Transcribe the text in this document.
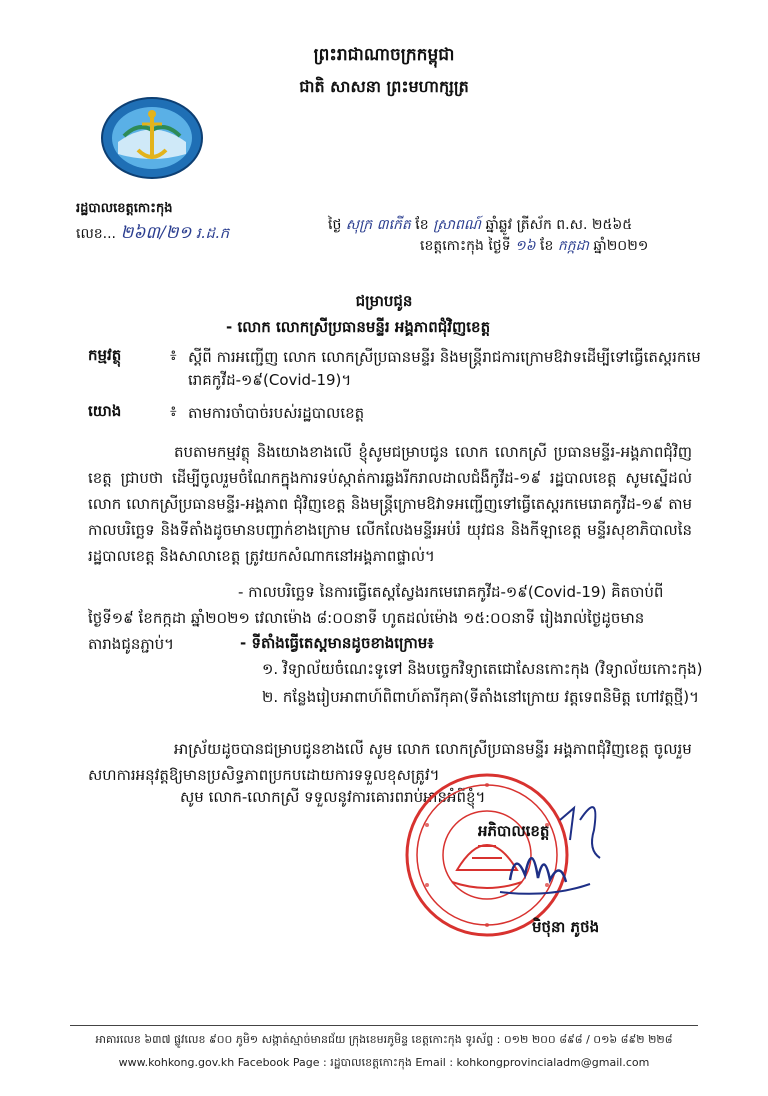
ព្រះរាជាណាចក្រកម្ពុជា
ជាតិ សាសនា ព្រះមហាក្សត្រ
រដ្ឋបាលខេត្តកោះកុង
លេខ... ២៦៣/២១ រ.ដ.ក	ថ្ងៃ សុក្រ ៣កើត ខែ ស្រាពណ៍ ឆ្នាំឆ្លូវ ត្រីស័ក ព.ស. ២៥៦៥
ខេត្តកោះកុង ថ្ងៃទី ១៦ ខែ កក្កដា ឆ្នាំ២០២១
ជម្រាបជូន
- លោក លោកស្រីប្រធានមន្ទីរ អង្គភាពជុំវិញខេត្ត
កម្មវត្ថុ	៖ ស្តីពី ការអញ្ជើញ លោក លោកស្រីប្រធានមន្ទីរ និងមន្រ្តីរាជការក្រោមឱវាទដើម្បីទៅធ្វើតេស្តរកមេរោគកូវីដ-១៩(Covid-19)។
យោង	៖ តាមការចាំបាច់របស់រដ្ឋបាលខេត្ត
តបតាមកម្មវត្ថុ និងយោងខាងលើ ខ្ញុំសូមជម្រាបជូន លោក លោកស្រី ប្រធានមន្ទីរ-អង្គភាពជុំវិញខេត្ត ជ្រាបថា ដើម្បីចូលរួមចំណែកក្នុងការទប់ស្កាត់ការឆ្លងរីករាលដាលជំងឺកូវីដ-១៩ រដ្ឋបាលខេត្ត សូមស្នើដល់ លោក លោកស្រីប្រធានមន្ទីរ-អង្គភាព ជុំវិញខេត្ត និងមន្រ្តីក្រោមឱវាទអញ្ជើញទៅធ្វើតេស្តរកមេរោគកូវីដ-១៩ តាមកាលបរិច្ឆេទ និងទីតាំងដូចមានបញ្ជាក់ខាងក្រោម លើកលែងមន្ទីរអប់រំ យុវជន និងកីឡាខេត្ត មន្ទីរសុខាភិបាលនៃរដ្ឋបាលខេត្ត និងសាលាខេត្ត ត្រូវយកសំណាកនៅអង្គភាពផ្ទាល់។
- កាលបរិច្ឆេទ នៃការធ្វើតេស្តស្វែងរកមេរោគកូវីដ-១៩(Covid-19) គិតចាប់ពីថ្ងៃទី១៩ ខែកក្កដា ឆ្នាំ២០២១ វេលាម៉ោង ៨:០០នាទី ហូតដល់ម៉ោង ១៥:០០នាទី រៀងរាល់ថ្ងៃដូចមានតារាងជូនភ្ជាប់។	- ទីតាំងធ្វើតេស្តមានដូចខាងក្រោម៖
១. វិទ្យាល័យចំណេះទូទៅ និងបច្ចេកវិទ្យាតេជោសែនកោះកុង (វិទ្យាល័យកោះកុង)
២. កន្លែងរៀបអាពាហ៍ពិពាហ៍តារីកុគា(ទីតាំងនៅក្រោយ វត្តទេពនិមិត្ត ហៅវត្តថ្មី)។
អាស្រ័យដូចបានជម្រាបជូនខាងលើ សូម លោក លោកស្រីប្រធានមន្ទីរ អង្គភាពជុំវិញខេត្ត ចូលរួមសហការអនុវត្តឱ្យមានប្រសិទ្ធភាពប្រកបដោយការទទួលខុសត្រូវ។
សូម លោក-លោកស្រី ទទួលនូវការគោរពរាប់អានអំពីខ្ញុំ។
អភិបាលខេត្ត
មិថុនា ភូថង
អាគារលេខ ៦៣៧ ផ្លូវលេខ ៩០០ ភូមិ១ សង្កាត់ស្មាច់មានជ័យ ក្រុងខេមរភូមិន្ទ ខេត្តកោះកុង ទូរស័ព្ទ : ០១២ ២០០ ៨៩៨ / ០១៦ ៨៩២ ២២៨
www.kohkong.gov.kh Facebook Page : រដ្ឋបាលខេត្តកោះកុង Email : kohkongprovincialadm@gmail.com
